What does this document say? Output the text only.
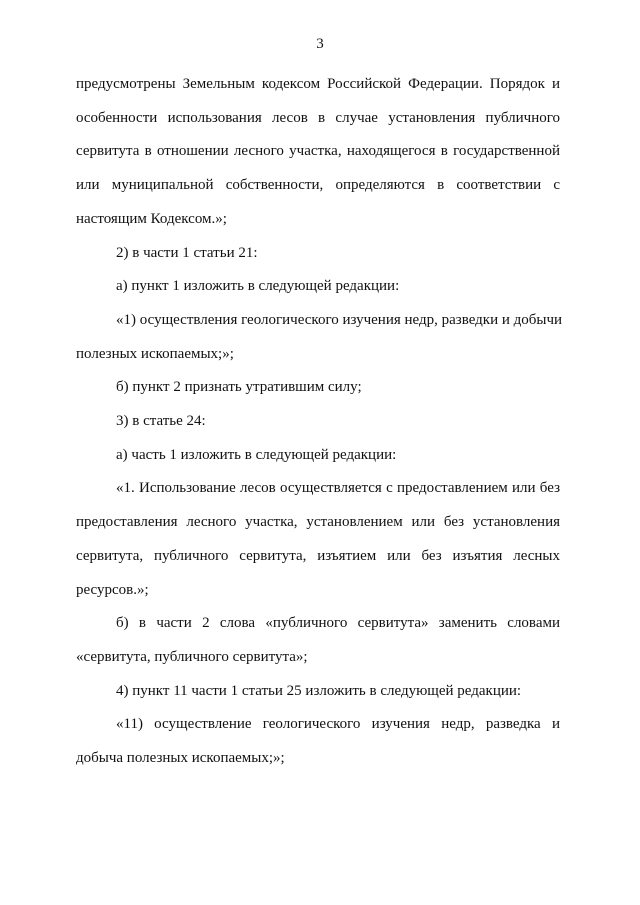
3
предусмотрены Земельным кодексом Российской Федерации. Порядок и
особенности использования лесов в случае установления публичного
сервитута в отношении лесного участка, находящегося в государственной
или муниципальной собственности, определяются в соответствии с
настоящим Кодексом.»;
2) в части 1 статьи 21:
а) пункт 1 изложить в следующей редакции:
«1) осуществления геологического изучения недр, разведки и добычи
полезных ископаемых;»;
б) пункт 2 признать утратившим силу;
3) в статье 24:
а) часть 1 изложить в следующей редакции:
«1. Использование лесов осуществляется с предоставлением или без
предоставления лесного участка, установлением или без установления
сервитута, публичного сервитута, изъятием или без изъятия лесных
ресурсов.»;
б) в части 2 слова «публичного сервитута» заменить словами
«сервитута, публичного сервитута»;
4) пункт 11 части 1 статьи 25 изложить в следующей редакции:
«11) осуществление геологического изучения недр, разведка и
добыча полезных ископаемых;»;
